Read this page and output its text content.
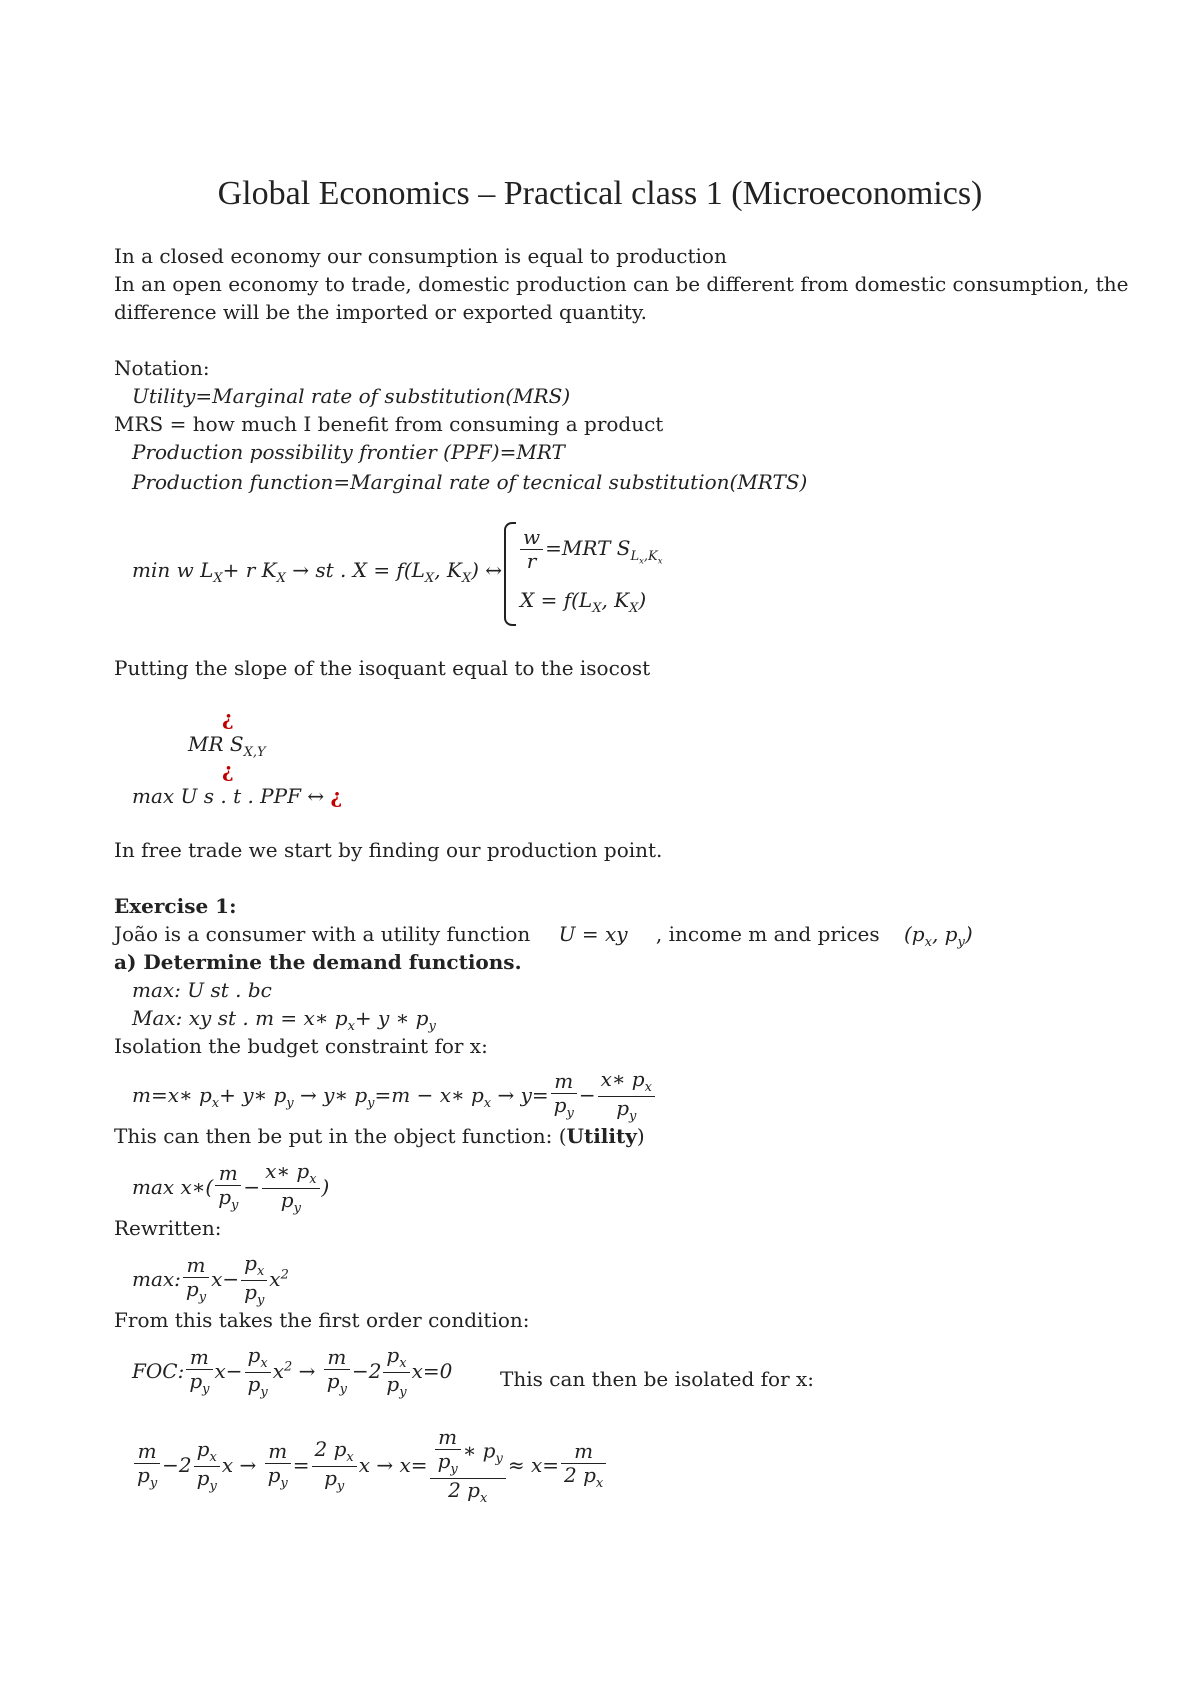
Global Economics – Practical class 1 (Microeconomics)
In a closed economy our consumption is equal to production
In an open economy to trade, domestic production can be different from domestic consumption, the
difference will be the imported or exported quantity.
Notation:
Utility=Marginal rate of substitution(MRS)
MRS = how much I benefit from consuming a product
Production possibility frontier (PPF)=MRT
Production function=Marginal rate of tecnical substitution(MRTS)
min w $L_X+ r$ $K_X$ → st . $X = f(L_X$, $K_X$) ↔ $\frac{w}{r} =MRT$ $S_{L_x,K_x}$
$X = f(L_X$, $K_X$)
Putting the slope of the isoquant equal to the isocost
¿
MR $S_{X,Y}$
¿
max U s . t . PPF ↔ ¿
In free trade we start by finding our production point.
Exercise 1:
João is a consumer with a utility function U = xy , income m and prices ($p_x$, $p_y$)
a) Determine the demand functions.
max: U st . bc
Max: xy st . m = x∗ $p_x+ y$ ∗ $p_y$
Isolation the budget constraint for x:
m=x∗ $p_x+$ y∗ $p_y$ → y∗ $p_y=m$ − x∗ $p_x \to y= \frac{m}{p_y} - \frac{x∗ p_x}{p_y}$
This can then be put in the object function: (Utility)
max x∗( $\frac{m}{p_y} - \frac{x∗ p_x}{p_y}$ )
Rewritten:
max: $\frac{m}{p_y} x- \frac{p_x}{p_y} x^2$
From this takes the first order condition:
FOC: $\frac{m}{p_y} x- \frac{p_x}{p_y} x^2 \to \frac{m}{p_y} -2 \frac{p_x}{p_y} x=0$ This can then be isolated for x:
$\frac{m}{p_y} -2 \frac{p_x}{p_y}$ $x \to \frac{m}{p_y} = \frac{2 p_x}{p_y}$ $x \to x= \frac{\frac{m}{p_y} ∗ p_y}{2 p_x} \approx x= \frac{m}{2 p_x}$
